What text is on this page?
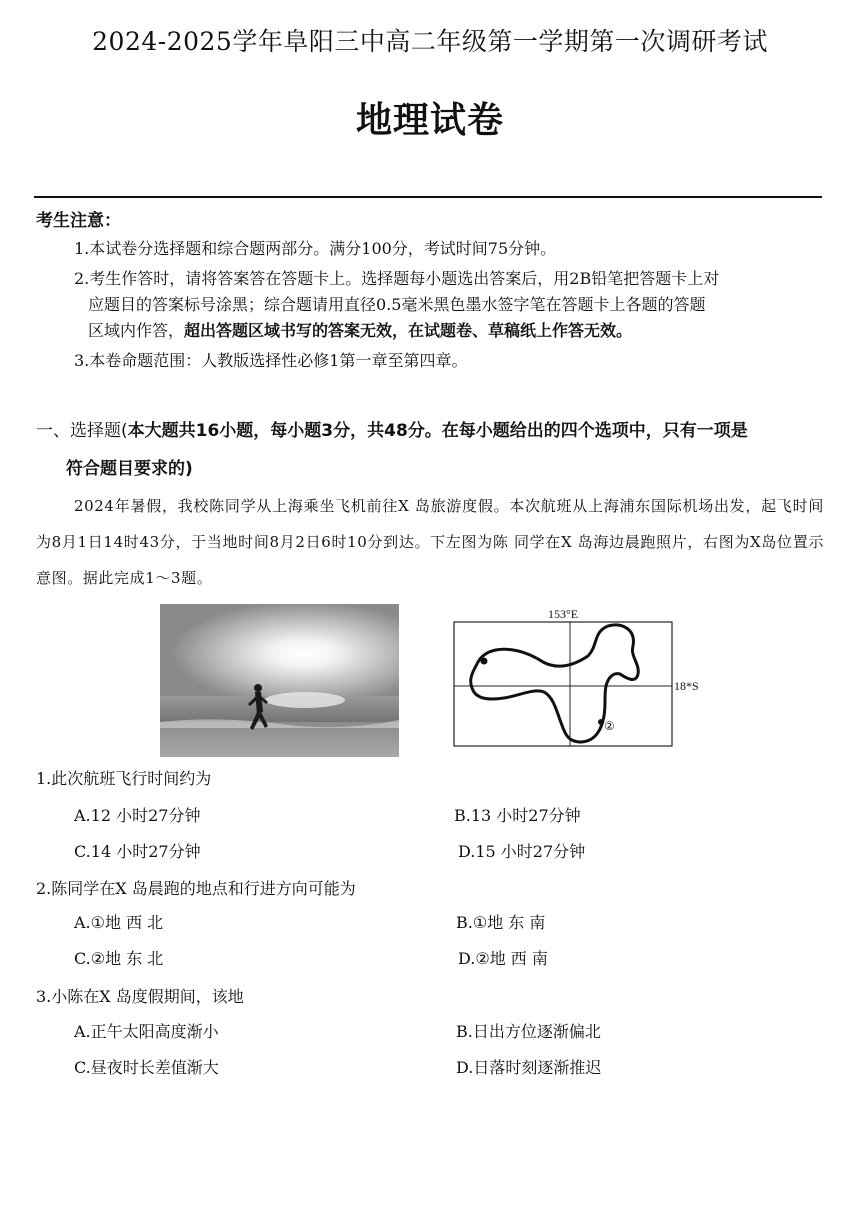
2024-2025学年阜阳三中高二年级第一学期第一次调研考试
地理试卷
考生注意：
1.本试卷分选择题和综合题两部分。满分100分，考试时间75分钟。
2.考生作答时，请将答案答在答题卡上。选择题每小题选出答案后，用2B铅笔把答题卡上对
应题目的答案标号涂黑；综合题请用直径0.5毫米黑色墨水签字笔在答题卡上各题的答题
区域内作答，超出答题区域书写的答案无效，在试题卷、草稿纸上作答无效。
3.本卷命题范围：人教版选择性必修1第一章至第四章。
一、选择题(本大题共16小题，每小题3分，共48分。在每小题给出的四个选项中，只有一项是
符合题目要求的)
2024年暑假，我校陈同学从上海乘坐飞机前往X 岛旅游度假。本次航班从上海浦东国际机场出发，起飞时间为8月1日14时43分，于当地时间8月2日6时10分到达。下左图为陈 同学在X 岛海边晨跑照片，右图为X岛位置示意图。据此完成1～3题。
153°E
18*S
②
1.此次航班飞行时间约为
A.12 小时27分钟	B.13 小时27分钟
C.14 小时27分钟	D.15 小时27分钟
2.陈同学在X 岛晨跑的地点和行进方向可能为
A.①地 西 北	B.①地 东 南
C.②地 东 北	D.②地 西 南
3.小陈在X 岛度假期间，该地
A.正午太阳高度渐小	B.日出方位逐渐偏北
C.昼夜时长差值渐大	D.日落时刻逐渐推迟
